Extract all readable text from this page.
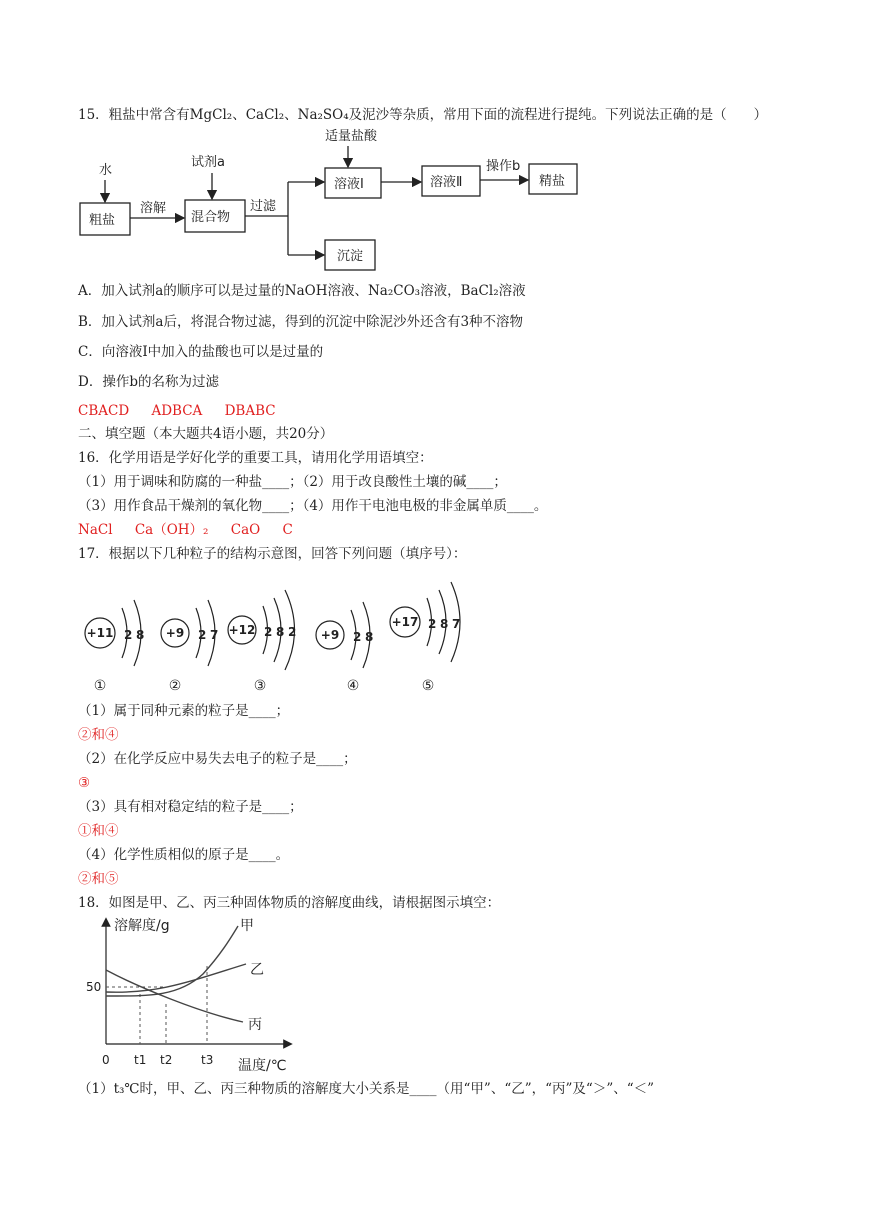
15．粗盐中常含有MgCl₂、CaCl₂、Na₂SO₄及泥沙等杂质，常用下面的流程进行提纯。下列说法正确的是（　　）
水
粗盐
溶解
试剂a
混合物
过滤
适量盐酸
溶液Ⅰ	溶液Ⅱ
操作b
精盐
沉淀
A．加入试剂a的顺序可以是过量的NaOH溶液、Na₂CO₃溶液，BaCl₂溶液
B．加入试剂a后，将混合物过滤，得到的沉淀中除泥沙外还含有3种不溶物
C．向溶液Ⅰ中加入的盐酸也可以是过量的
D．操作b的名称为过滤
CBACD ADBCA DBABC
二、填空题（本大题共4语小题，共20分）
16．化学用语是学好化学的重要工具，请用化学用语填空：
（1）用于调味和防腐的一种盐____；（2）用于改良酸性土壤的碱____；
（3）用作食品干燥剂的氧化物____；（4）用作干电池电极的非金属单质____。
NaCl Ca（OH）₂ CaO C
17．根据以下几种粒子的结构示意图，回答下列问题（填序号）：
+11 2 8 +9 2 7 +12 2 8 2 +9 2 8
+17 2 8 7
①	②	③	④	⑤
（1）属于同种元素的粒子是____；
②和④
（2）在化学反应中易失去电子的粒子是____；
③
（3）具有相对稳定结的粒子是____；
①和④
（4）化学性质相似的原子是____。
②和⑤
18．如图是甲、乙、丙三种固体物质的溶解度曲线，请根据图示填空：
溶解度/g
温度/℃
甲
乙
丙
50
0 t1 t2 t3
（1）t₃℃时，甲、乙、丙三种物质的溶解度大小关系是____（用“甲”、“乙”，“丙”及“＞”、“＜”
